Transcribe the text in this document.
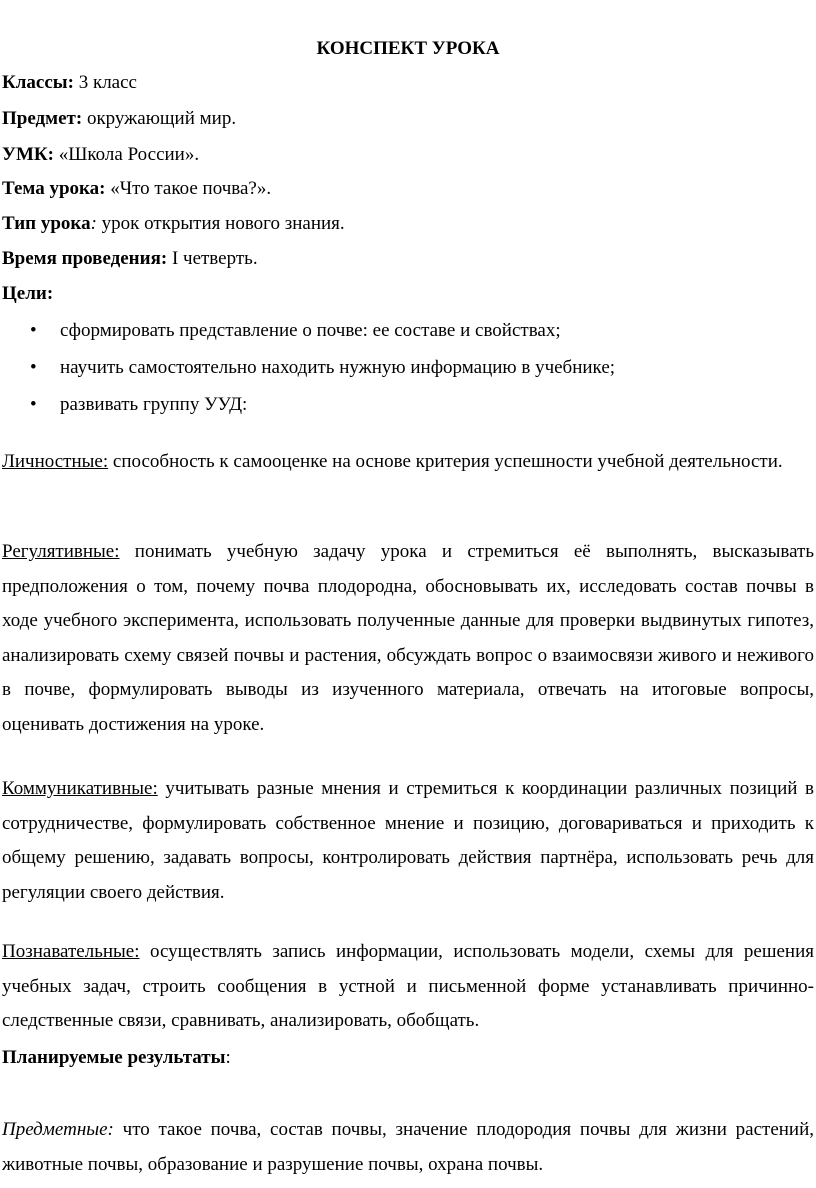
КОНСПЕКТ УРОКА
Классы: 3 класс
Предмет: окружающий мир.
УМК: «Школа России».
Тема урока: «Что такое почва?».
Тип урока: урок открытия нового знания.
Время проведения: I четверть.
Цели:
• сформировать представление о почве: ее составе и свойствах;
• научить самостоятельно находить нужную информацию в учебнике;
• развивать группу УУД:
Личностные: способность к самооценке на основе критерия успешности учебной деятельности.
Регулятивные: понимать учебную задачу урока и стремиться её выполнять, высказывать предположения о том, почему почва плодородна, обосновывать их, исследовать состав почвы в ходе учебного эксперимента, использовать полученные данные для проверки выдвинутых гипотез, анализировать схему связей почвы и растения, обсуждать вопрос о взаимосвязи живого и неживого в почве, формулировать выводы из изученного материала, отвечать на итоговые вопросы, оценивать достижения на уроке.
Коммуникативные: учитывать разные мнения и стремиться к координации различных позиций в сотрудничестве, формулировать собственное мнение и позицию, договариваться и приходить к общему решению, задавать вопросы, контролировать действия партнёра, использовать речь для регуляции своего действия.
Познавательные: осуществлять запись информации, использовать модели, схемы для решения учебных задач, строить сообщения в устной и письменной форме устанавливать причинно-следственные связи, сравнивать, анализировать, обобщать.
Планируемые результаты:
Предметные: что такое почва, состав почвы, значение плодородия почвы для жизни растений, животные почвы, образование и разрушение почвы, охрана почвы.
